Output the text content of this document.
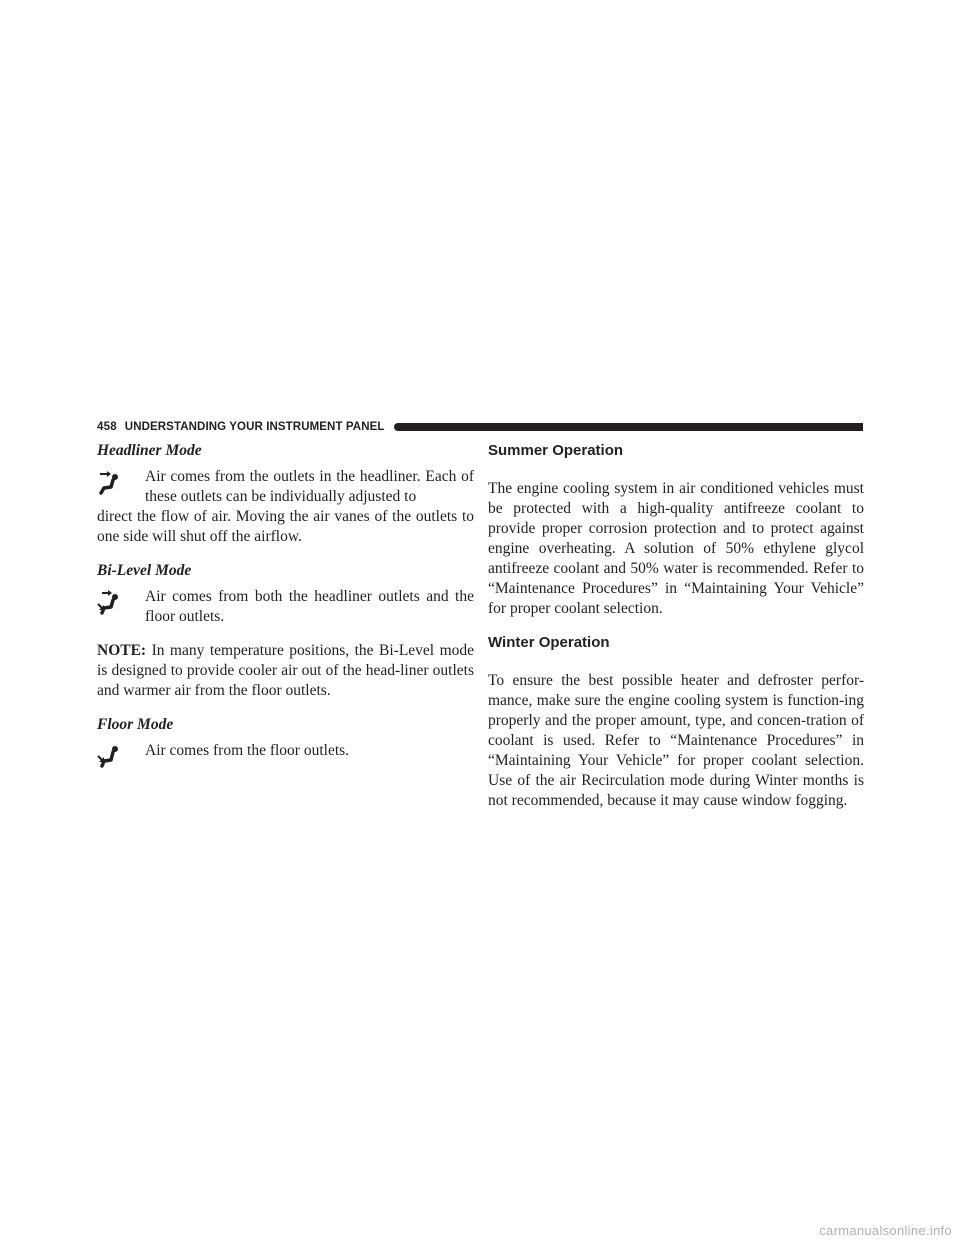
458 UNDERSTANDING YOUR INSTRUMENT PANEL
Headliner Mode

Air comes from the outlets in the headliner. Each of these outlets can be individually adjusted to

direct the flow of air. Moving the air vanes of the outlets to one side will shut off the airflow.

Bi-Level Mode

Air comes from both the headliner outlets and the floor outlets.

NOTE: In many temperature positions, the Bi-Level mode is designed to provide cooler air out of the head-liner outlets and warmer air from the floor outlets.

Floor Mode

Air comes from the floor outlets.

Summer Operation

The engine cooling system in air conditioned vehicles must be protected with a high-quality antifreeze coolant to provide proper corrosion protection and to protect against engine overheating. A solution of 50% ethylene glycol antifreeze coolant and 50% water is recommended. Refer to “Maintenance Procedures” in “Maintaining Your Vehicle” for proper coolant selection.

Winter Operation

To ensure the best possible heater and defroster perfor-mance, make sure the engine cooling system is function-ing properly and the proper amount, type, and concen-tration of coolant is used. Refer to “Maintenance Procedures” in “Maintaining Your Vehicle” for proper coolant selection. Use of the air Recirculation mode during Winter months is not recommended, because it may cause window fogging.

carmanualsonline.info
